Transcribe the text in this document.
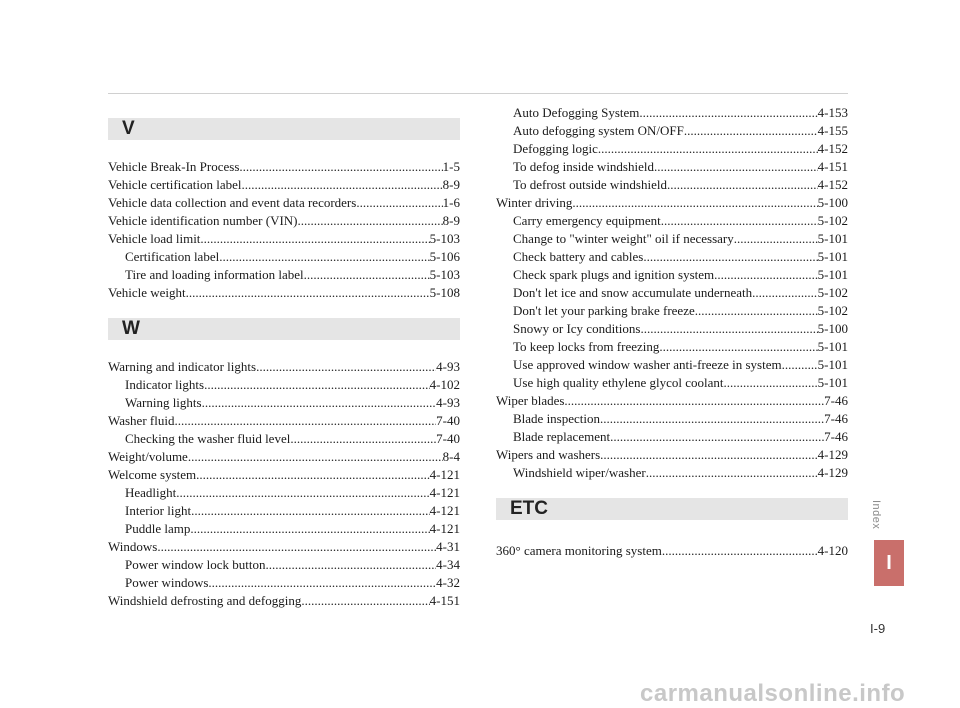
V
Vehicle Break-In Process .....	1-5
Vehicle certification label .....	8-9
Vehicle data collection and event data recorders .....	1-6
Vehicle identification number (VIN) .....	8-9
Vehicle load limit .....	5-103
Certification label .....	5-106
Tire and loading information label .....	5-103
Vehicle weight .....	5-108
W
Warning and indicator lights .....	4-93
Indicator lights .....	4-102
Warning lights .....	4-93
Washer fluid .....	7-40
Checking the washer fluid level .....	7-40
Weight/volume .....	8-4
Welcome system .....	4-121
Headlight .....	4-121
Interior light .....	4-121
Puddle lamp .....	4-121
Windows .....	4-31
Power window lock button .....	4-34
Power windows .....	4-32
Windshield defrosting and defogging .....	4-151
Auto Defogging System .....	4-153
Auto defogging system ON/OFF .....	4-155
Defogging logic .....	4-152
To defog inside windshield .....	4-151
To defrost outside windshield .....	4-152
Winter driving .....	5-100
Carry emergency equipment .....	5-102
Change to "winter weight" oil if necessary .....	5-101
Check battery and cables .....	5-101
Check spark plugs and ignition system .....	5-101
Don't let ice and snow accumulate underneath .....	5-102
Don't let your parking brake freeze .....	5-102
Snowy or Icy conditions .....	5-100
To keep locks from freezing .....	5-101
Use approved window washer anti-freeze in system .....	5-101
Use high quality ethylene glycol coolant .....	5-101
Wiper blades .....	7-46
Blade inspection .....	7-46
Blade replacement .....	7-46
Wipers and washers .....	4-129
Windshield wiper/washer .....	4-129
ETC
360° camera monitoring system .....	4-120
Index
I
I-9
carmanualsonline.info
